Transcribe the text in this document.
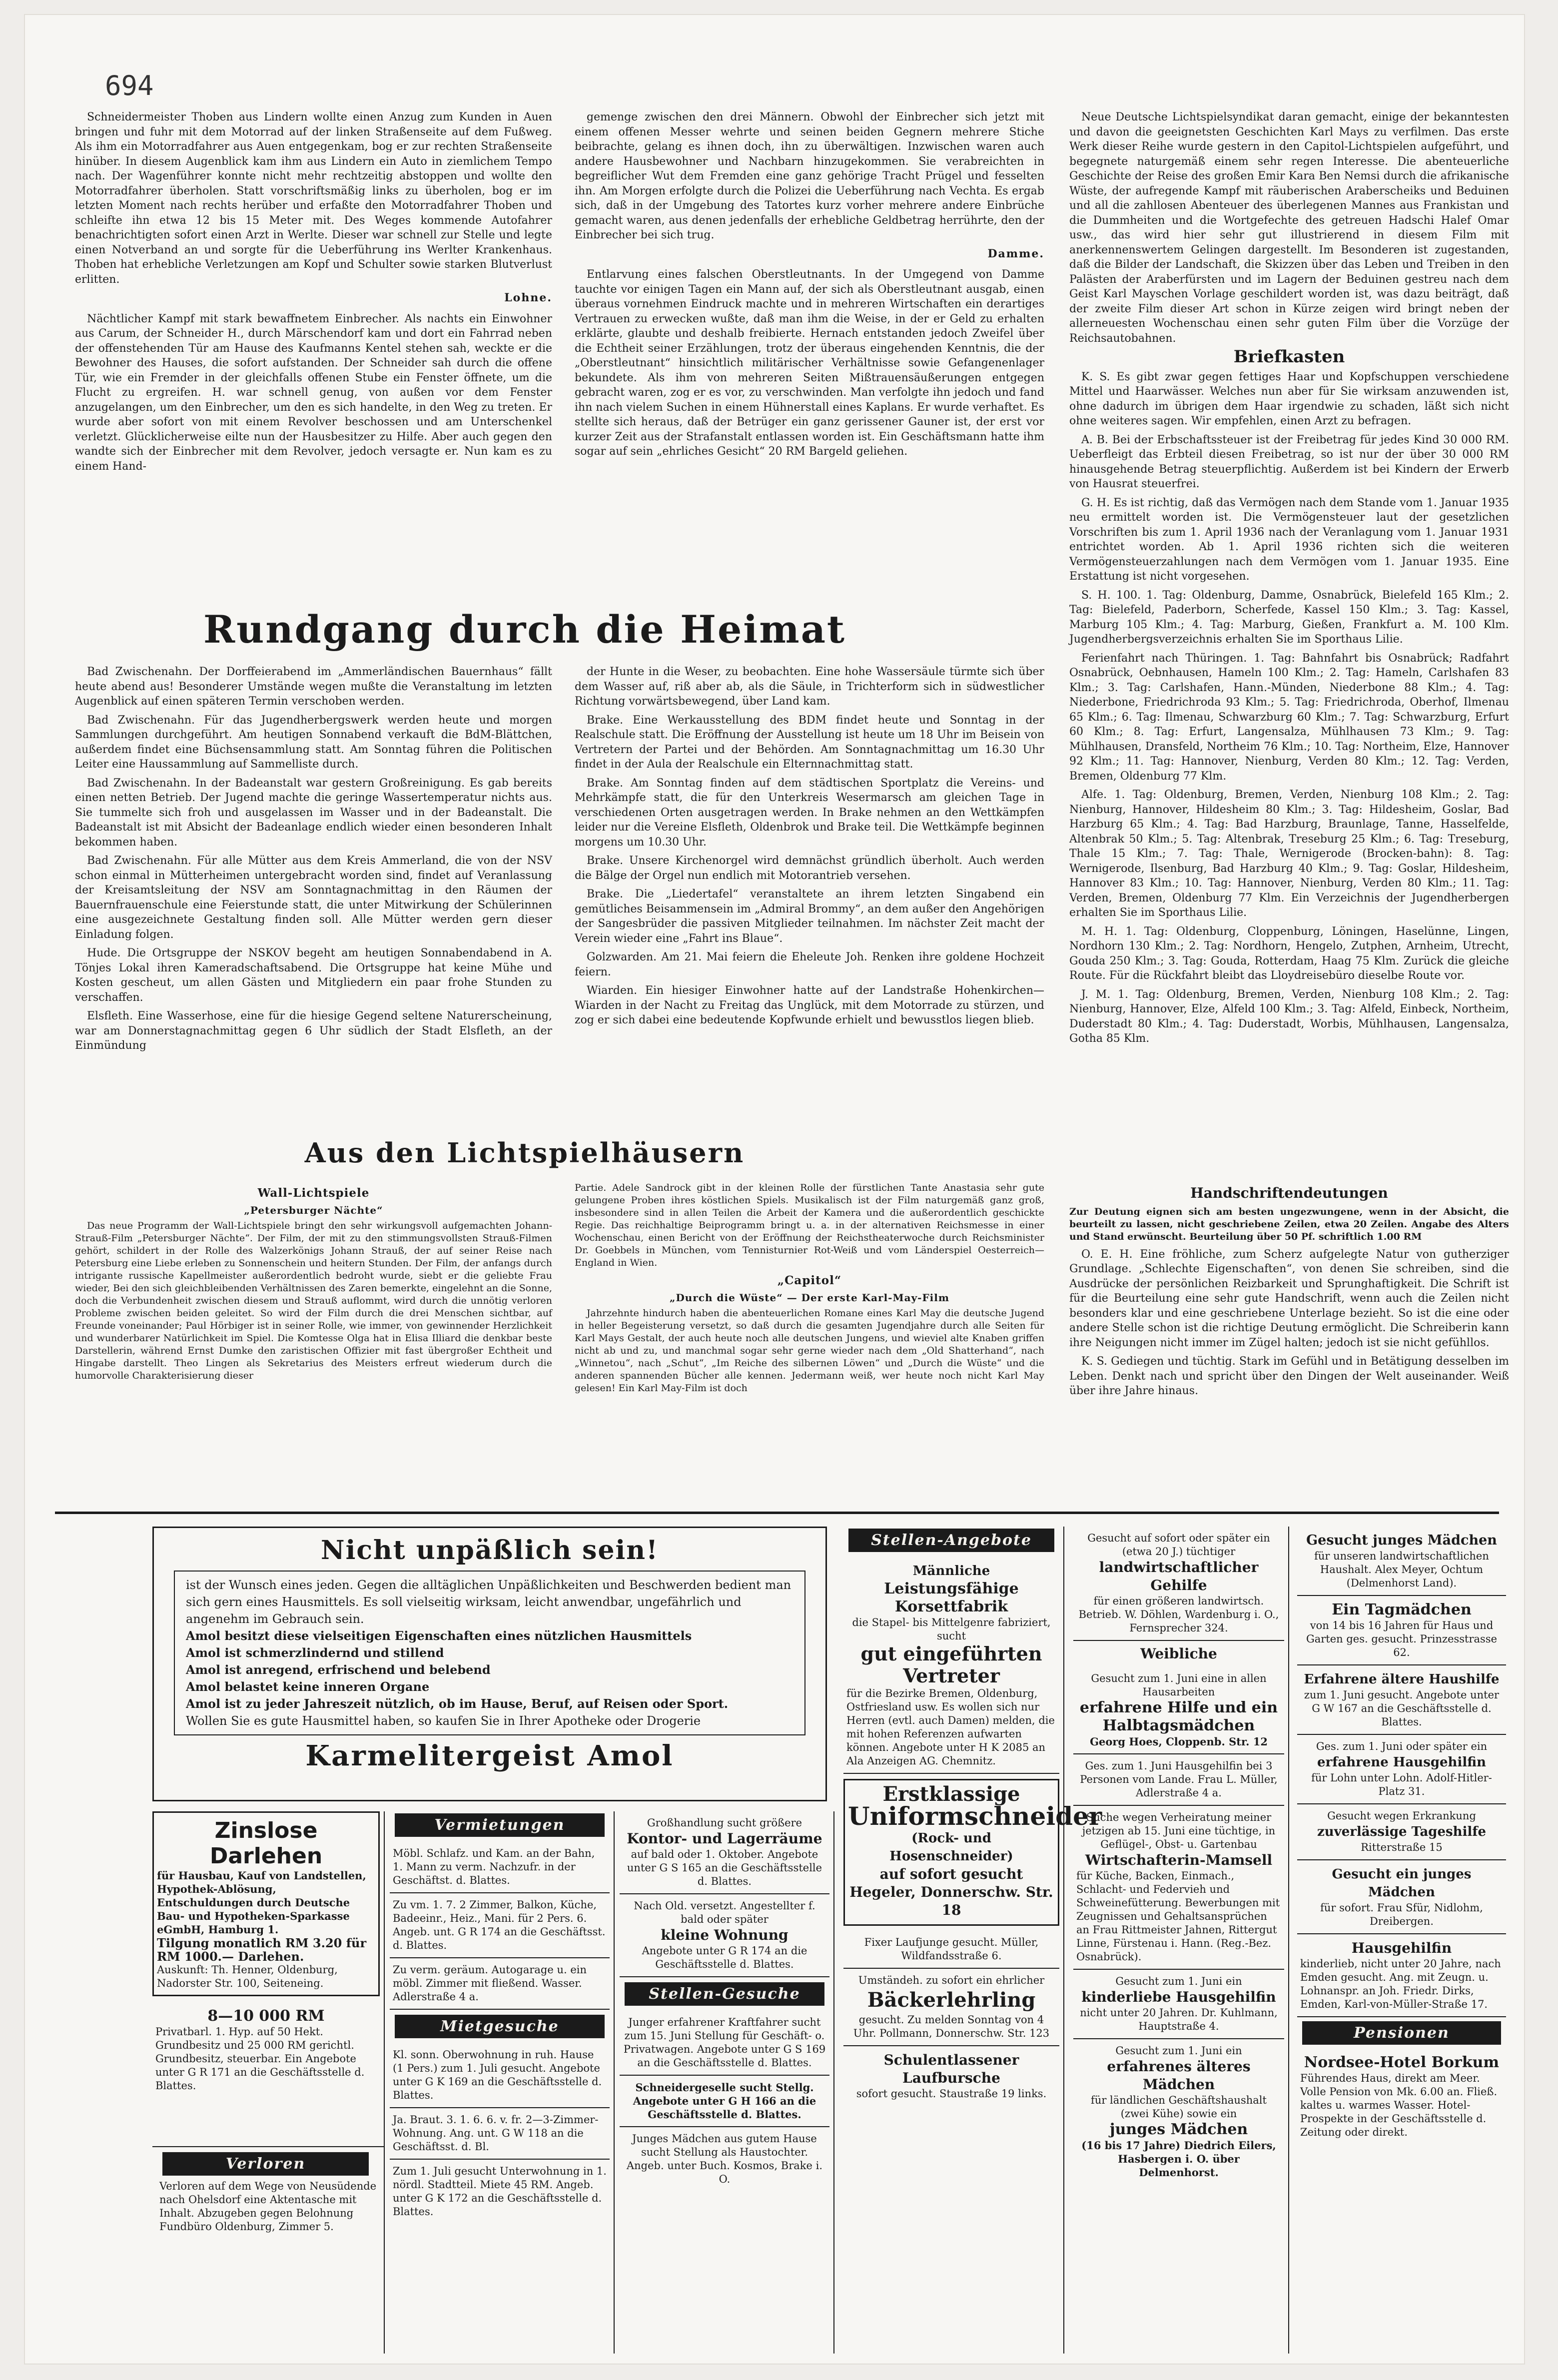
694

Schneidermeister Thoben aus Lindern wollte einen Anzug zum Kunden in Auen bringen und fuhr mit dem Motorrad auf der linken Straßenseite auf dem Fußweg. Als ihm ein Motorradfahrer aus Auen entgegenkam, bog er zur rechten Straßenseite hinüber. In diesem Augenblick kam ihm aus Lindern ein Auto in ziemlichem Tempo nach. Der Wagenführer konnte nicht mehr rechtzeitig abstoppen und wollte den Motorradfahrer überholen. Statt vorschriftsmäßig links zu überholen, bog er im letzten Moment nach rechts herüber und erfaßte den Motorradfahrer Thoben und schleifte ihn etwa 12 bis 15 Meter mit. Des Weges kommende Autofahrer benachrichtigten sofort einen Arzt in Werlte. Dieser war schnell zur Stelle und legte einen Notverband an und sorgte für die Ueberführung ins Werlter Krankenhaus. Thoben hat erhebliche Verletzungen am Kopf und Schulter sowie starken Blutverlust erlitten.

Lohne.

Nächtlicher Kampf mit stark bewaffnetem Einbrecher. Als nachts ein Einwohner aus Carum, der Schneider H., durch Märschendorf kam und dort ein Fahrrad neben der offenstehenden Tür am Hause des Kaufmanns Kentel stehen sah, weckte er die Bewohner des Hauses, die sofort aufstanden. Der Schneider sah durch die offene Tür, wie ein Fremder in der gleichfalls offenen Stube ein Fenster öffnete, um die Flucht zu ergreifen. H. war schnell genug, von außen vor dem Fenster anzugelangen, um den Einbrecher, um den es sich handelte, in den Weg zu treten. Er wurde aber sofort von mit einem Revolver beschossen und am Unterschenkel verletzt. Glücklicherweise eilte nun der Hausbesitzer zu Hilfe. Aber auch gegen den wandte sich der Einbrecher mit dem Revolver, jedoch versagte er. Nun kam es zu einem Hand-

gemenge zwischen den drei Männern. Obwohl der Einbrecher sich jetzt mit einem offenen Messer wehrte und seinen beiden Gegnern mehrere Stiche beibrachte, gelang es ihnen doch, ihn zu überwältigen. Inzwischen waren auch andere Hausbewohner und Nachbarn hinzugekommen. Sie verabreichten in begreiflicher Wut dem Fremden eine ganz gehörige Tracht Prügel und fesselten ihn. Am Morgen erfolgte durch die Polizei die Ueberführung nach Vechta. Es ergab sich, daß in der Umgebung des Tatortes kurz vorher mehrere andere Einbrüche gemacht waren, aus denen jedenfalls der erhebliche Geldbetrag herrührte, den der Einbrecher bei sich trug.

Damme.

Entlarvung eines falschen Oberstleutnants. In der Umgegend von Damme tauchte vor einigen Tagen ein Mann auf, der sich als Oberstleutnant ausgab, einen überaus vornehmen Eindruck machte und in mehreren Wirtschaften ein derartiges Vertrauen zu erwecken wußte, daß man ihm die Weise, in der er Geld zu erhalten erklärte, glaubte und deshalb freibierte. Hernach entstanden jedoch Zweifel über die Echtheit seiner Erzählungen, trotz der überaus eingehenden Kenntnis, die der „Oberstleutnant“ hinsichtlich militärischer Verhältnisse sowie Gefangenenlager bekundete. Als ihm von mehreren Seiten Mißtrauensäußerungen entgegen gebracht waren, zog er es vor, zu verschwinden. Man verfolgte ihn jedoch und fand ihn nach vielem Suchen in einem Hühnerstall eines Kaplans. Er wurde verhaftet. Es stellte sich heraus, daß der Betrüger ein ganz gerissener Gauner ist, der erst vor kurzer Zeit aus der Strafanstalt entlassen worden ist. Ein Geschäftsmann hatte ihm sogar auf sein „ehrliches Gesicht“ 20 RM Bargeld geliehen.

Neue Deutsche Lichtspielsyndikat daran gemacht, einige der bekanntesten und davon die geeignetsten Geschichten Karl Mays zu verfilmen. Das erste Werk dieser Reihe wurde gestern in den Capitol-Lichtspielen aufgeführt, und begegnete naturgemäß einem sehr regen Interesse. Die abenteuerliche Geschichte der Reise des großen Emir Kara Ben Nemsi durch die afrikanische Wüste, der aufregende Kampf mit räuberischen Araberscheiks und Beduinen und all die zahllosen Abenteuer des überlegenen Mannes aus Frankistan und die Dummheiten und die Wortgefechte des getreuen Hadschi Halef Omar usw., das wird hier sehr gut illustrierend in diesem Film mit anerkennenswertem Gelingen dargestellt. Im Besonderen ist zugestanden, daß die Bilder der Landschaft, die Skizzen über das Leben und Treiben in den Palästen der Araberfürsten und im Lagern der Beduinen gestreu nach dem Geist Karl Mayschen Vorlage geschildert worden ist, was dazu beiträgt, daß der zweite Film dieser Art schon in Kürze zeigen wird bringt neben der allerneuesten Wochenschau einen sehr guten Film über die Vorzüge der Reichsautobahnen.

Briefkasten

K. S. Es gibt zwar gegen fettiges Haar und Kopfschuppen verschiedene Mittel und Haarwässer. Welches nun aber für Sie wirksam anzuwenden ist, ohne dadurch im übrigen dem Haar irgendwie zu schaden, läßt sich nicht ohne weiteres sagen. Wir empfehlen, einen Arzt zu befragen.

A. B. Bei der Erbschaftssteuer ist der Freibetrag für jedes Kind 30 000 RM. Ueberfleigt das Erbteil diesen Freibetrag, so ist nur der über 30 000 RM hinausgehende Betrag steuerpflichtig. Außerdem ist bei Kindern der Erwerb von Hausrat steuerfrei.

G. H. Es ist richtig, daß das Vermögen nach dem Stande vom 1. Januar 1935 neu ermittelt worden ist. Die Vermögensteuer laut der gesetzlichen Vorschriften bis zum 1. April 1936 nach der Veranlagung vom 1. Januar 1931 entrichtet worden. Ab 1. April 1936 richten sich die weiteren Vermögensteuerzahlungen nach dem Vermögen vom 1. Januar 1935. Eine Erstattung ist nicht vorgesehen.

S. H. 100. 1. Tag: Oldenburg, Damme, Osnabrück, Bielefeld 165 Klm.; 2. Tag: Bielefeld, Paderborn, Scherfede, Kassel 150 Klm.; 3. Tag: Kassel, Marburg 105 Klm.; 4. Tag: Marburg, Gießen, Frankfurt a. M. 100 Klm. Jugendherbergsverzeichnis erhalten Sie im Sporthaus Lilie.

Ferienfahrt nach Thüringen. 1. Tag: Bahnfahrt bis Osnabrück; Radfahrt Osnabrück, Oebnhausen, Hameln 100 Klm.; 2. Tag: Hameln, Carlshafen 83 Klm.; 3. Tag: Carlshafen, Hann.-Münden, Niederbone 88 Klm.; 4. Tag: Niederbone, Friedrichroda 93 Klm.; 5. Tag: Friedrichroda, Oberhof, Ilmenau 65 Klm.; 6. Tag: Ilmenau, Schwarzburg 60 Klm.; 7. Tag: Schwarzburg, Erfurt 60 Klm.; 8. Tag: Erfurt, Langensalza, Mühlhausen 73 Klm.; 9. Tag: Mühlhausen, Dransfeld, Northeim 76 Klm.; 10. Tag: Northeim, Elze, Hannover 92 Klm.; 11. Tag: Hannover, Nienburg, Verden 80 Klm.; 12. Tag: Verden, Bremen, Oldenburg 77 Klm.

Alfe. 1. Tag: Oldenburg, Bremen, Verden, Nienburg 108 Klm.; 2. Tag: Nienburg, Hannover, Hildesheim 80 Klm.; 3. Tag: Hildesheim, Goslar, Bad Harzburg 65 Klm.; 4. Tag: Bad Harzburg, Braunlage, Tanne, Hasselfelde, Altenbrak 50 Klm.; 5. Tag: Altenbrak, Treseburg 25 Klm.; 6. Tag: Treseburg, Thale 15 Klm.; 7. Tag: Thale, Wernigerode (Brocken-bahn): 8. Tag: Wernigerode, Ilsenburg, Bad Harzburg 40 Klm.; 9. Tag: Goslar, Hildesheim, Hannover 83 Klm.; 10. Tag: Hannover, Nienburg, Verden 80 Klm.; 11. Tag: Verden, Bremen, Oldenburg 77 Klm. Ein Verzeichnis der Jugendherbergen erhalten Sie im Sporthaus Lilie.

M. H. 1. Tag: Oldenburg, Cloppenburg, Löningen, Haselünne, Lingen, Nordhorn 130 Klm.; 2. Tag: Nordhorn, Hengelo, Zutphen, Arnheim, Utrecht, Gouda 250 Klm.; 3. Tag: Gouda, Rotterdam, Haag 75 Klm. Zurück die gleiche Route. Für die Rückfahrt bleibt das Lloydreisebüro dieselbe Route vor.

J. M. 1. Tag: Oldenburg, Bremen, Verden, Nienburg 108 Klm.; 2. Tag: Nienburg, Hannover, Elze, Alfeld 100 Klm.; 3. Tag: Alfeld, Einbeck, Northeim, Duderstadt 80 Klm.; 4. Tag: Duderstadt, Worbis, Mühlhausen, Langensalza, Gotha 85 Klm.

Rundgang durch die Heimat

Bad Zwischenahn. Der Dorffeierabend im „Ammerländischen Bauernhaus“ fällt heute abend aus! Besonderer Umstände wegen mußte die Veranstaltung im letzten Augenblick auf einen späteren Termin verschoben werden.

Bad Zwischenahn. Für das Jugendherbergswerk werden heute und morgen Sammlungen durchgeführt. Am heutigen Sonnabend verkauft die BdM-Blättchen, außerdem findet eine Büchsensammlung statt. Am Sonntag führen die Politischen Leiter eine Haussammlung auf Sammelliste durch.

Bad Zwischenahn. In der Badeanstalt war gestern Großreinigung. Es gab bereits einen netten Betrieb. Der Jugend machte die geringe Wassertemperatur nichts aus. Sie tummelte sich froh und ausgelassen im Wasser und in der Badeanstalt. Die Badeanstalt ist mit Absicht der Badeanlage endlich wieder einen besonderen Inhalt bekommen haben.

Bad Zwischenahn. Für alle Mütter aus dem Kreis Ammerland, die von der NSV schon einmal in Mütterheimen untergebracht worden sind, findet auf Veranlassung der Kreisamtsleitung der NSV am Sonntagnachmittag in den Räumen der Bauernfrauenschule eine Feierstunde statt, die unter Mitwirkung der Schülerinnen eine ausgezeichnete Gestaltung finden soll. Alle Mütter werden gern dieser Einladung folgen.

Hude. Die Ortsgruppe der NSKOV begeht am heutigen Sonnabendabend in A. Tönjes Lokal ihren Kameradschaftsabend. Die Ortsgruppe hat keine Mühe und Kosten gescheut, um allen Gästen und Mitgliedern ein paar frohe Stunden zu verschaffen.

Elsfleth. Eine Wasserhose, eine für die hiesige Gegend seltene Naturerscheinung, war am Donnerstagnachmittag gegen 6 Uhr südlich der Stadt Elsfleth, an der Einmündung

der Hunte in die Weser, zu beobachten. Eine hohe Wassersäule türmte sich über dem Wasser auf, riß aber ab, als die Säule, in Trichterform sich in südwestlicher Richtung vorwärtsbewegend, über Land kam.

Brake. Eine Werkausstellung des BDM findet heute und Sonntag in der Realschule statt. Die Eröffnung der Ausstellung ist heute um 18 Uhr im Beisein von Vertretern der Partei und der Behörden. Am Sonntagnachmittag um 16.30 Uhr findet in der Aula der Realschule ein Elternnachmittag statt.

Brake. Am Sonntag finden auf dem städtischen Sportplatz die Vereins- und Mehrkämpfe statt, die für den Unterkreis Wesermarsch am gleichen Tage in verschiedenen Orten ausgetragen werden. In Brake nehmen an den Wettkämpfen leider nur die Vereine Elsfleth, Oldenbrok und Brake teil. Die Wettkämpfe beginnen morgens um 10.30 Uhr.

Brake. Unsere Kirchenorgel wird demnächst gründlich überholt. Auch werden die Bälge der Orgel nun endlich mit Motorantrieb versehen.

Brake. Die „Liedertafel“ veranstaltete an ihrem letzten Singabend ein gemütliches Beisammensein im „Admiral Brommy“, an dem außer den Angehörigen der Sangesbrüder die passiven Mitglieder teilnahmen. Im nächster Zeit macht der Verein wieder eine „Fahrt ins Blaue“.

Golzwarden. Am 21. Mai feiern die Eheleute Joh. Renken ihre goldene Hochzeit feiern.

Wiarden. Ein hiesiger Einwohner hatte auf der Landstraße Hohenkirchen—Wiarden in der Nacht zu Freitag das Unglück, mit dem Motorrade zu stürzen, und zog er sich dabei eine bedeutende Kopfwunde erhielt und bewusstlos liegen blieb.

Aus den Lichtspielhäusern
Wall-Lichtspiele
„Petersburger Nächte“

Das neue Programm der Wall-Lichtspiele bringt den sehr wirkungsvoll aufgemachten Johann-Strauß-Film „Petersburger Nächte“. Der Film, der mit zu den stimmungsvollsten Strauß-Filmen gehört, schildert in der Rolle des Walzerkönigs Johann Strauß, der auf seiner Reise nach Petersburg eine Liebe erleben zu Sonnenschein und heitern Stunden. Der Film, der anfangs durch intrigante russische Kapellmeister außerordentlich bedroht wurde, siebt er die geliebte Frau wieder, Bei den sich gleichbleibenden Verhältnissen des Zaren bemerkte, eingelehnt an die Sonne, doch die Verbundenheit zwischen diesem und Strauß auflommt, wird durch die unnötig verloren Probleme zwischen beiden geleitet. So wird der Film durch die drei Menschen sichtbar, auf Freunde voneinander; Paul Hörbiger ist in seiner Rolle, wie immer, von gewinnender Herzlichkeit und wunderbarer Natürlichkeit im Spiel. Die Komtesse Olga hat in Elisa Illiard die denkbar beste Darstellerin, während Ernst Dumke den zaristischen Offizier mit fast übergroßer Echtheit und Hingabe darstellt. Theo Lingen als Sekretarius des Meisters erfreut wiederum durch die humorvolle Charakterisierung dieser

Partie. Adele Sandrock gibt in der kleinen Rolle der fürstlichen Tante Anastasia sehr gute gelungene Proben ihres köstlichen Spiels. Musikalisch ist der Film naturgemäß ganz groß, insbesondere sind in allen Teilen die Arbeit der Kamera und die außerordentlich geschickte Regie. Das reichhaltige Beiprogramm bringt u. a. in der alternativen Reichsmesse in einer Wochenschau, einen Bericht von der Eröffnung der Reichstheaterwoche durch Reichsminister Dr. Goebbels in München, vom Tennisturnier Rot-Weiß und vom Länderspiel Oesterreich—England in Wien.

„Capitol“
„Durch die Wüste“ — Der erste Karl-May-Film

Jahrzehnte hindurch haben die abenteuerlichen Romane eines Karl May die deutsche Jugend in heller Begeisterung versetzt, so daß durch die gesamten Jugendjahre durch alle Seiten für Karl Mays Gestalt, der auch heute noch alle deutschen Jungens, und wieviel alte Knaben griffen nicht ab und zu, und manchmal sogar sehr gerne wieder nach dem „Old Shatterhand“, nach „Winnetou“, nach „Schut“, „Im Reiche des silbernen Löwen“ und „Durch die Wüste“ und die anderen spannenden Bücher alle kennen. Jedermann weiß, wer heute noch nicht Karl May gelesen! Ein Karl May-Film ist doch

Handschriftendeutungen

Zur Deutung eignen sich am besten ungezwungene, wenn in der Absicht, die beurteilt zu lassen, nicht geschriebene Zeilen, etwa 20 Zeilen. Angabe des Alters und Stand erwünscht. Beurteilung über 50 Pf. schriftlich 1.00 RM

O. E. H. Eine fröhliche, zum Scherz aufgelegte Natur von gutherziger Grundlage. „Schlechte Eigenschaften“, von denen Sie schreiben, sind die Ausdrücke der persönlichen Reizbarkeit und Sprunghaftigkeit. Die Schrift ist für die Beurteilung eine sehr gute Handschrift, wenn auch die Zeilen nicht besonders klar und eine geschriebene Unterlage bezieht. So ist die eine oder andere Stelle schon ist die richtige Deutung ermöglicht. Die Schreiberin kann ihre Neigungen nicht immer im Zügel halten; jedoch ist sie nicht gefühllos.

K. S. Gediegen und tüchtig. Stark im Gefühl und in Betätigung desselben im Leben. Denkt nach und spricht über den Dingen der Welt auseinander. Weiß über ihre Jahre hinaus.

Nicht unpäßlich sein!

ist der Wunsch eines jeden. Gegen die alltäglichen Unpäßlichkeiten und Beschwerden bedient man sich gern eines Hausmittels. Es soll vielseitig wirksam, leicht anwendbar, ungefährlich und angenehm im Gebrauch sein.

Amol besitzt diese vielseitigen Eigenschaften eines nützlichen Hausmittels

Amol ist schmerzlindernd und stillend

Amol ist anregend, erfrischend und belebend

Amol belastet keine inneren Organe

Amol ist zu jeder Jahreszeit nützlich, ob im Hause, Beruf, auf Reisen oder Sport.

Wollen Sie es gute Hausmittel haben, so kaufen Sie in Ihrer Apotheke oder Drogerie

Karmelitergeist Amol
Zinslose Darlehen
für Hausbau, Kauf von Landstellen, Hypothek-Ablösung, Entschuldungen durch Deutsche Bau- und Hypotheken-Sparkasse eGmbH, Hamburg 1.
Tilgung monatlich RM 3.20 für RM 1000.— Darlehen.
Auskunft: Th. Henner, Oldenburg, Nadorster Str. 100, Seiteneing.
8—10 000 RM
Privatbarl. 1. Hyp. auf 50 Hekt. Grundbesitz und 25 000 RM gerichtl. Grundbesitz, steuerbar. Ein Angebote unter G R 171 an die Geschäftsstelle d. Blattes.
Verloren
Verloren auf dem Wege von Neusüdende nach Ohelsdorf eine Aktentasche mit Inhalt. Abzugeben gegen Belohnung Fundbüro Oldenburg, Zimmer 5.
Vermietungen
Möbl. Schlafz. und Kam. an der Bahn, 1. Mann zu verm. Nachzufr. in der Geschäftst. d. Blattes.
Zu vm. 1. 7. 2 Zimmer, Balkon, Küche, Badeeinr., Heiz., Mani. für 2 Pers. 6. Angeb. unt. G R 174 an die Geschäftsst. d. Blattes.
Zu verm. geräum. Autogarage u. ein möbl. Zimmer mit fließend. Wasser. Adlerstraße 4 a.
Mietgesuche
Kl. sonn. Oberwohnung in ruh. Hause (1 Pers.) zum 1. Juli gesucht. Angebote unter G K 169 an die Geschäftsstelle d. Blattes.
Ja. Braut. 3. 1. 6. 6. v. fr. 2—3-Zimmer-Wohnung. Ang. unt. G W 118 an die Geschäftsst. d. Bl.
Zum 1. Juli gesucht Unterwohnung in 1. nördl. Stadtteil. Miete 45 RM. Angeb. unter G K 172 an die Geschäftsstelle d. Blattes.
Großhandlung sucht größere
Kontor- und Lagerräume
auf bald oder 1. Oktober. Angebote unter G S 165 an die Geschäftsstelle d. Blattes.
Nach Old. versetzt. Angestellter f. bald oder später
kleine Wohnung
Angebote unter G R 174 an die Geschäftsstelle d. Blattes.
Stellen-Gesuche
Junger erfahrener Kraftfahrer sucht zum 15. Juni Stellung für Geschäft- o. Privatwagen. Angebote unter G S 169 an die Geschäftsstelle d. Blattes.
Schneidergeselle sucht Stellg. Angebote unter G H 166 an die Geschäftsstelle d. Blattes.
Junges Mädchen aus gutem Hause sucht Stellung als Haustochter. Angeb. unter Buch. Kosmos, Brake i. O.
Stellen-Angebote
Männliche
Leistungsfähige Korsettfabrik
die Stapel- bis Mittelgenre fabriziert, sucht
gut eingeführten Vertreter
für die Bezirke Bremen, Oldenburg, Ostfriesland usw. Es wollen sich nur Herren (evtl. auch Damen) melden, die mit hohen Referenzen aufwarten können. Angebote unter H K 2085 an Ala Anzeigen AG. Chemnitz.
Erstklassige
Uniformschneider
(Rock- und Hosenschneider)
auf sofort gesucht
Hegeler, Donnerschw. Str. 18
Fixer Laufjunge gesucht. Müller, Wildfandsstraße 6.
Umständeh. zu sofort ein ehrlicher
Bäckerlehrling
gesucht. Zu melden Sonntag von 4 Uhr. Pollmann, Donnerschw. Str. 123
Schulentlassener Laufbursche
sofort gesucht. Staustraße 19 links.
Gesucht auf sofort oder später ein (etwa 20 J.) tüchtiger
landwirtschaftlicher Gehilfe
für einen größeren landwirtsch. Betrieb. W. Döhlen, Wardenburg i. O., Fernsprecher 324.
Weibliche
Gesucht zum 1. Juni eine in allen Hausarbeiten
erfahrene Hilfe und ein Halbtagsmädchen
Georg Hoes, Cloppenb. Str. 12
Ges. zum 1. Juni Hausgehilfin bei 3 Personen vom Lande. Frau L. Müller, Adlerstraße 4 a.
Suche wegen Verheiratung meiner jetzigen ab 15. Juni eine tüchtige, in Geflügel-, Obst- u. Gartenbau
Wirtschafterin-Mamsell
für Küche, Backen, Einmach., Schlacht- und Federvieh und Schweinefütterung. Bewerbungen mit Zeugnissen und Gehaltsansprüchen an Frau Rittmeister Jahnen, Rittergut Linne, Fürstenau i. Hann. (Reg.-Bez. Osnabrück).
Gesucht zum 1. Juni ein
kinderliebe Hausgehilfin
nicht unter 20 Jahren. Dr. Kuhlmann, Hauptstraße 4.
Gesucht zum 1. Juni ein
erfahrenes älteres Mädchen
für ländlichen Geschäftshaushalt (zwei Kühe) sowie ein
junges Mädchen
(16 bis 17 Jahre) Diedrich Eilers, Hasbergen i. O. über Delmenhorst.
Gesucht junges Mädchen
für unseren landwirtschaftlichen Haushalt. Alex Meyer, Ochtum (Delmenhorst Land).
Ein Tagmädchen
von 14 bis 16 Jahren für Haus und Garten ges. gesucht. Prinzesstrasse 62.
Erfahrene ältere Haushilfe
zum 1. Juni gesucht. Angebote unter G W 167 an die Geschäftsstelle d. Blattes.
Ges. zum 1. Juni oder später ein
erfahrene Hausgehilfin
für Lohn unter Lohn. Adolf-Hitler-Platz 31.
Gesucht wegen Erkrankung
zuverlässige Tageshilfe
Ritterstraße 15
Gesucht ein junges Mädchen
für sofort. Frau Sfür, Nidlohm, Dreibergen.
Hausgehilfin
kinderlieb, nicht unter 20 Jahre, nach Emden gesucht. Ang. mit Zeugn. u. Lohnanspr. an Joh. Friedr. Dirks, Emden, Karl-von-Müller-Straße 17.
Pensionen
Nordsee-Hotel Borkum
Führendes Haus, direkt am Meer. Volle Pension von Mk. 6.00 an. Fließ. kaltes u. warmes Wasser. Hotel-Prospekte in der Geschäftsstelle d. Zeitung oder direkt.
